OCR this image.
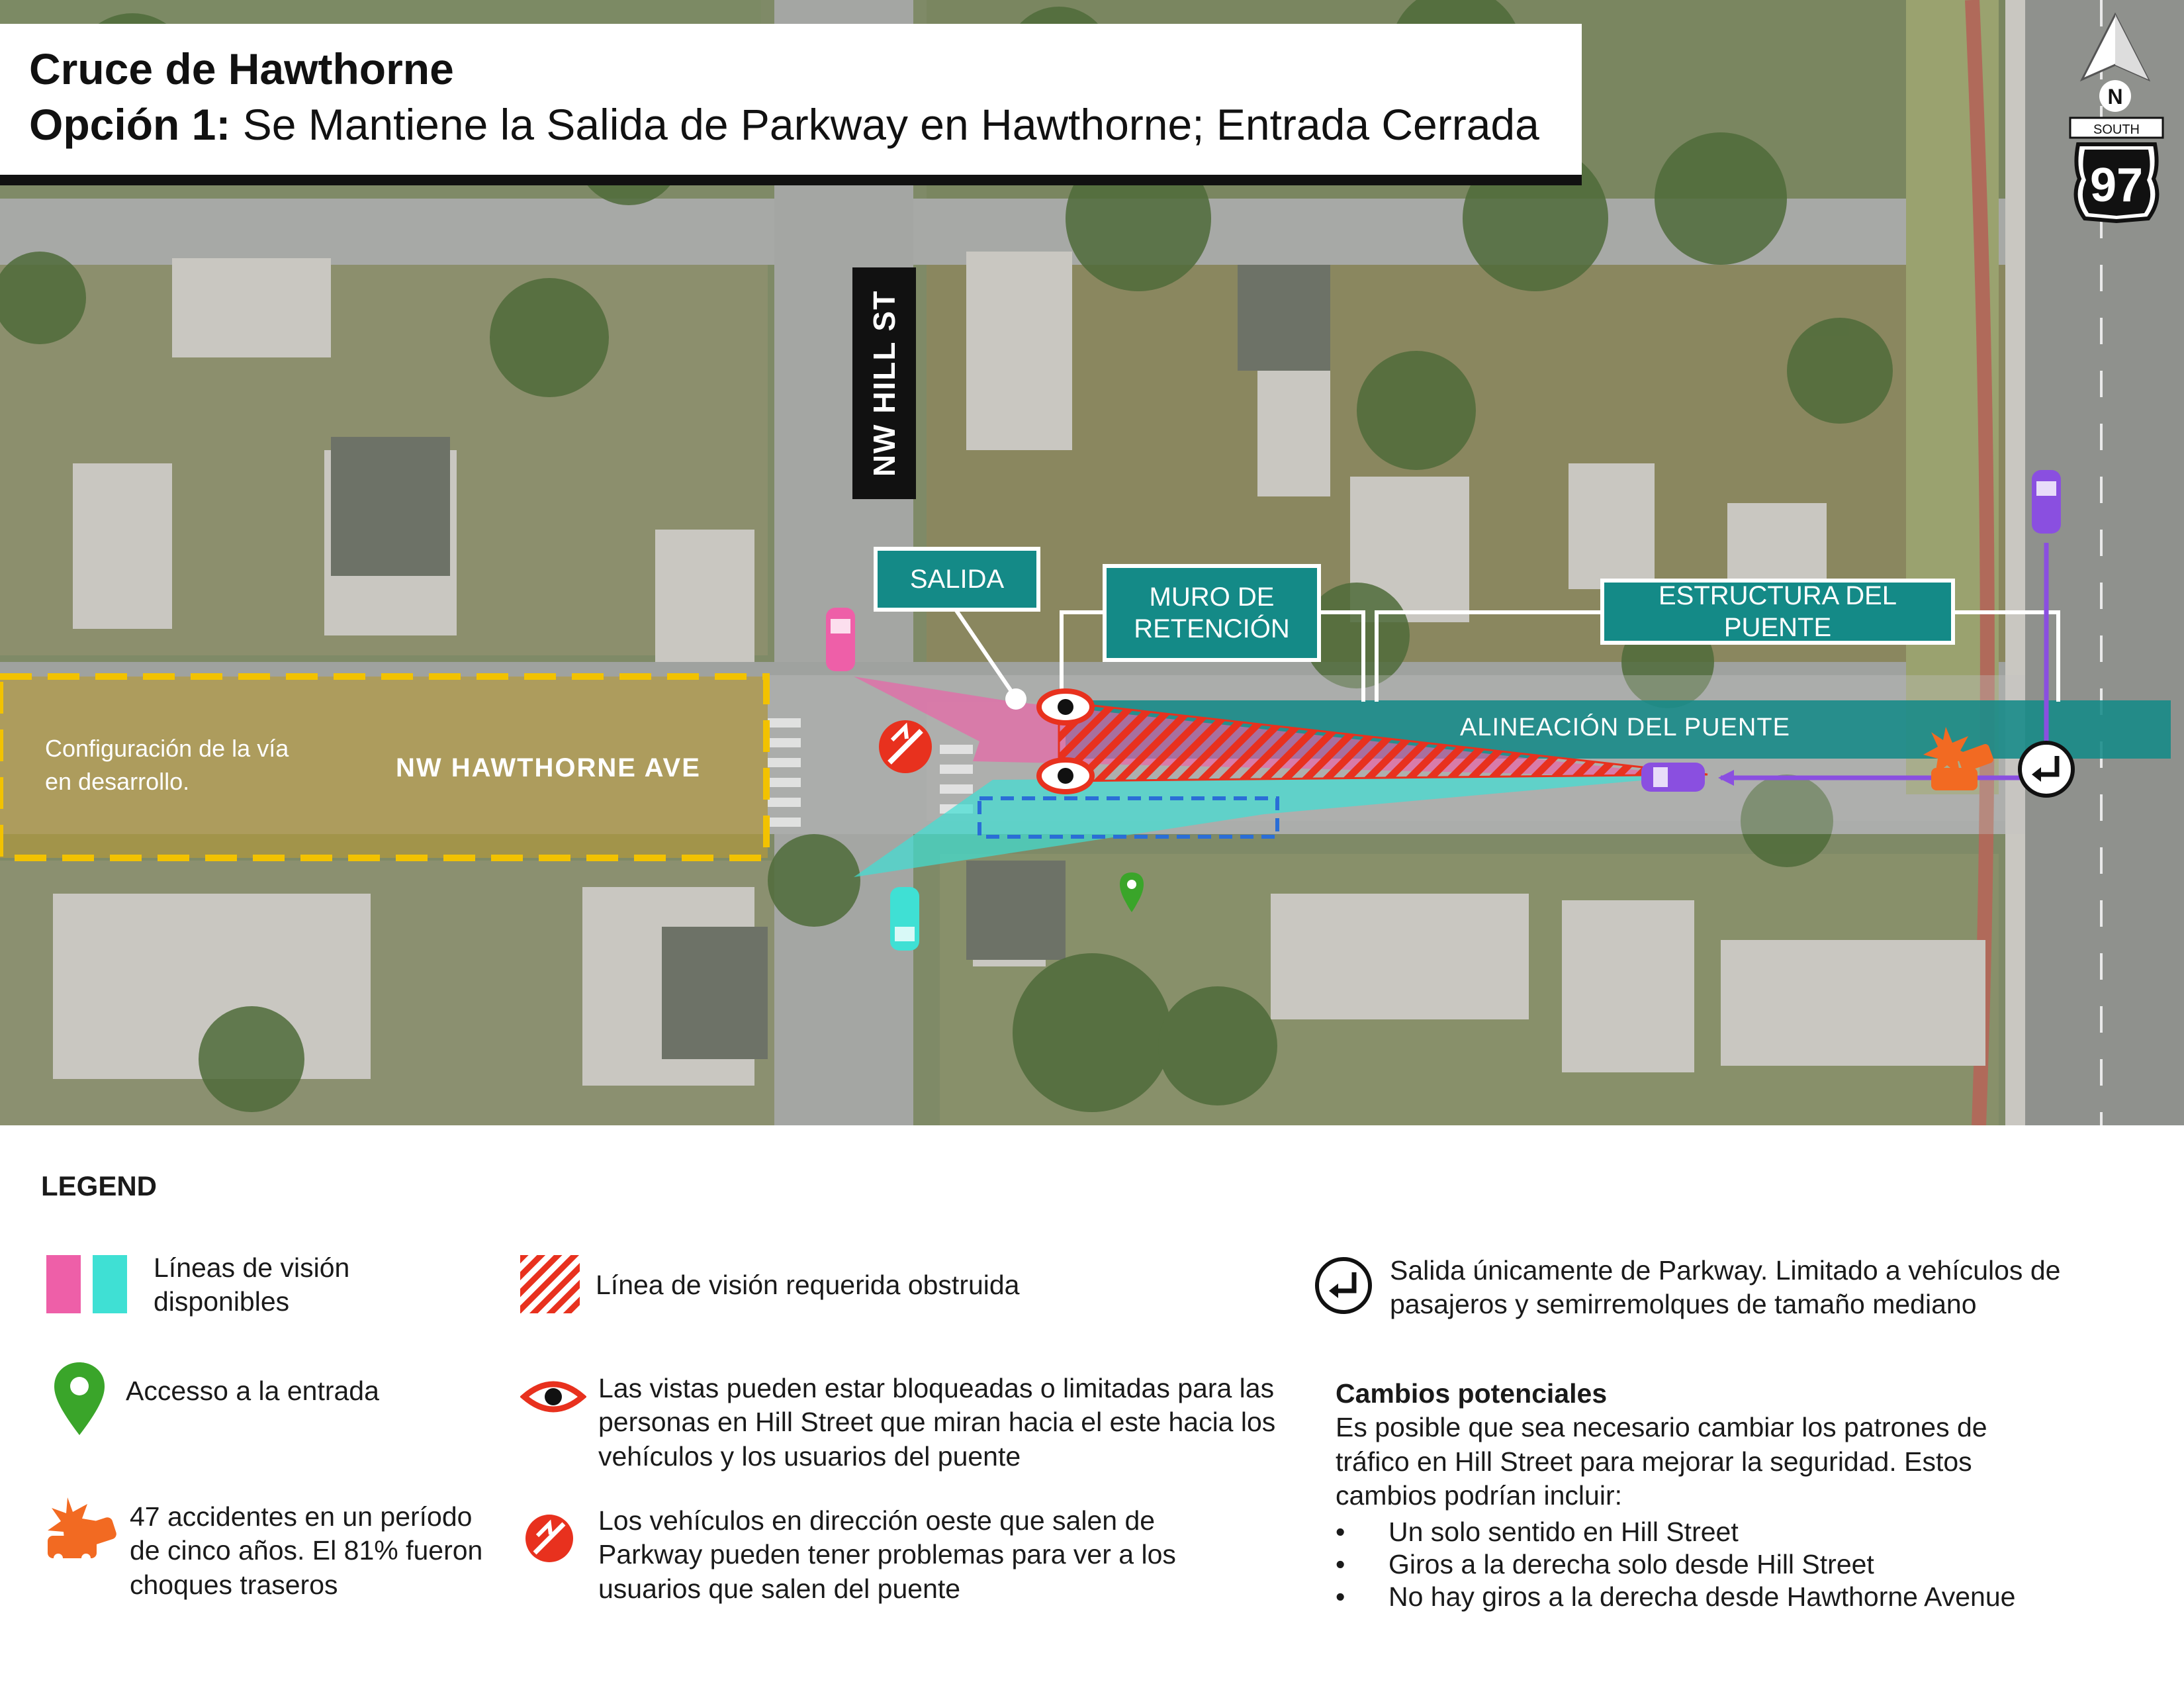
N
SOUTH
97
Cruce de Hawthorne
Opción 1: Se Mantiene la Salida de Parkway en Hawthorne; Entrada Cerrada
NW HILL ST
NW HAWTHORNE AVE
Configuración de la vía
en desarrollo.
ALINEACIÓN DEL PUENTE
SALIDA
MURO DE
RETENCIÓN
ESTRUCTURA DEL PUENTE
LEGEND
Líneas de visión
disponibles
Línea de visión requerida obstruida	Salida únicamente de Parkway. Limitado a vehículos de
pasajeros y semirremolques de tamaño mediano
Accesso a la entrada	Las vistas pueden estar bloqueadas o limitadas para las
personas en Hill Street que miran hacia el este hacia los
vehículos y los usuarios del puente
47 accidentes en un período
de cinco años. El 81% fueron
choques traseros
Los vehículos en dirección oeste que salen de
Parkway pueden tener problemas para ver a los
usuarios que salen del puente
Cambios potenciales
Es posible que sea necesario cambiar los patrones de
tráfico en Hill Street para mejorar la seguridad. Estos
cambios podrían incluir:
• Un solo sentido en Hill Street
• Giros a la derecha solo desde Hill Street
• No hay giros a la derecha desde Hawthorne Avenue
